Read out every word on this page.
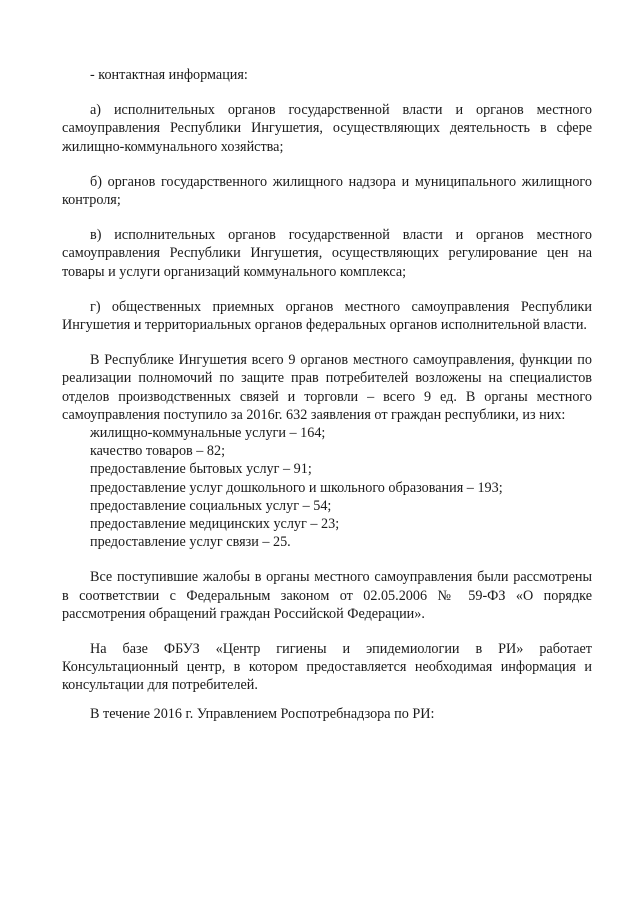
- контактная информация:

а) исполнительных органов государственной власти и органов местного самоуправления Республики Ингушетия, осуществляющих деятельность в сфере жилищно-коммунального хозяйства;

б) органов государственного жилищного надзора и муниципального жилищного контроля;

в) исполнительных органов государственной власти и органов местного самоуправления Республики Ингушетия, осуществляющих регулирование цен на товары и услуги организаций коммунального комплекса;

г) общественных приемных органов местного самоуправления Республики Ингушетия и территориальных органов федеральных органов исполнительной власти.

В Республике Ингушетия всего 9 органов местного самоуправления, функции по реализации полномочий по защите прав потребителей возложены на специалистов отделов производственных связей и торговли – всего 9 ед. В органы местного самоуправления поступило за 2016г. 632 заявления от граждан республики, из них:

жилищно-коммунальные услуги – 164;

качество товаров – 82;

предоставление бытовых услуг – 91;

предоставление услуг дошкольного и школьного образования – 193;

предоставление социальных услуг – 54;

предоставление медицинских услуг – 23;

предоставление услуг связи – 25.

Все поступившие жалобы в органы местного самоуправления были рассмотрены в соответствии с Федеральным законом от 02.05.2006 № 59-ФЗ «О порядке рассмотрения обращений граждан Российской Федерации».

На базе ФБУЗ «Центр гигиены и эпидемиологии в РИ» работает Консультационный центр, в котором предоставляется необходимая информация и консультации для потребителей.

В течение 2016 г. Управлением Роспотребнадзора по РИ:
